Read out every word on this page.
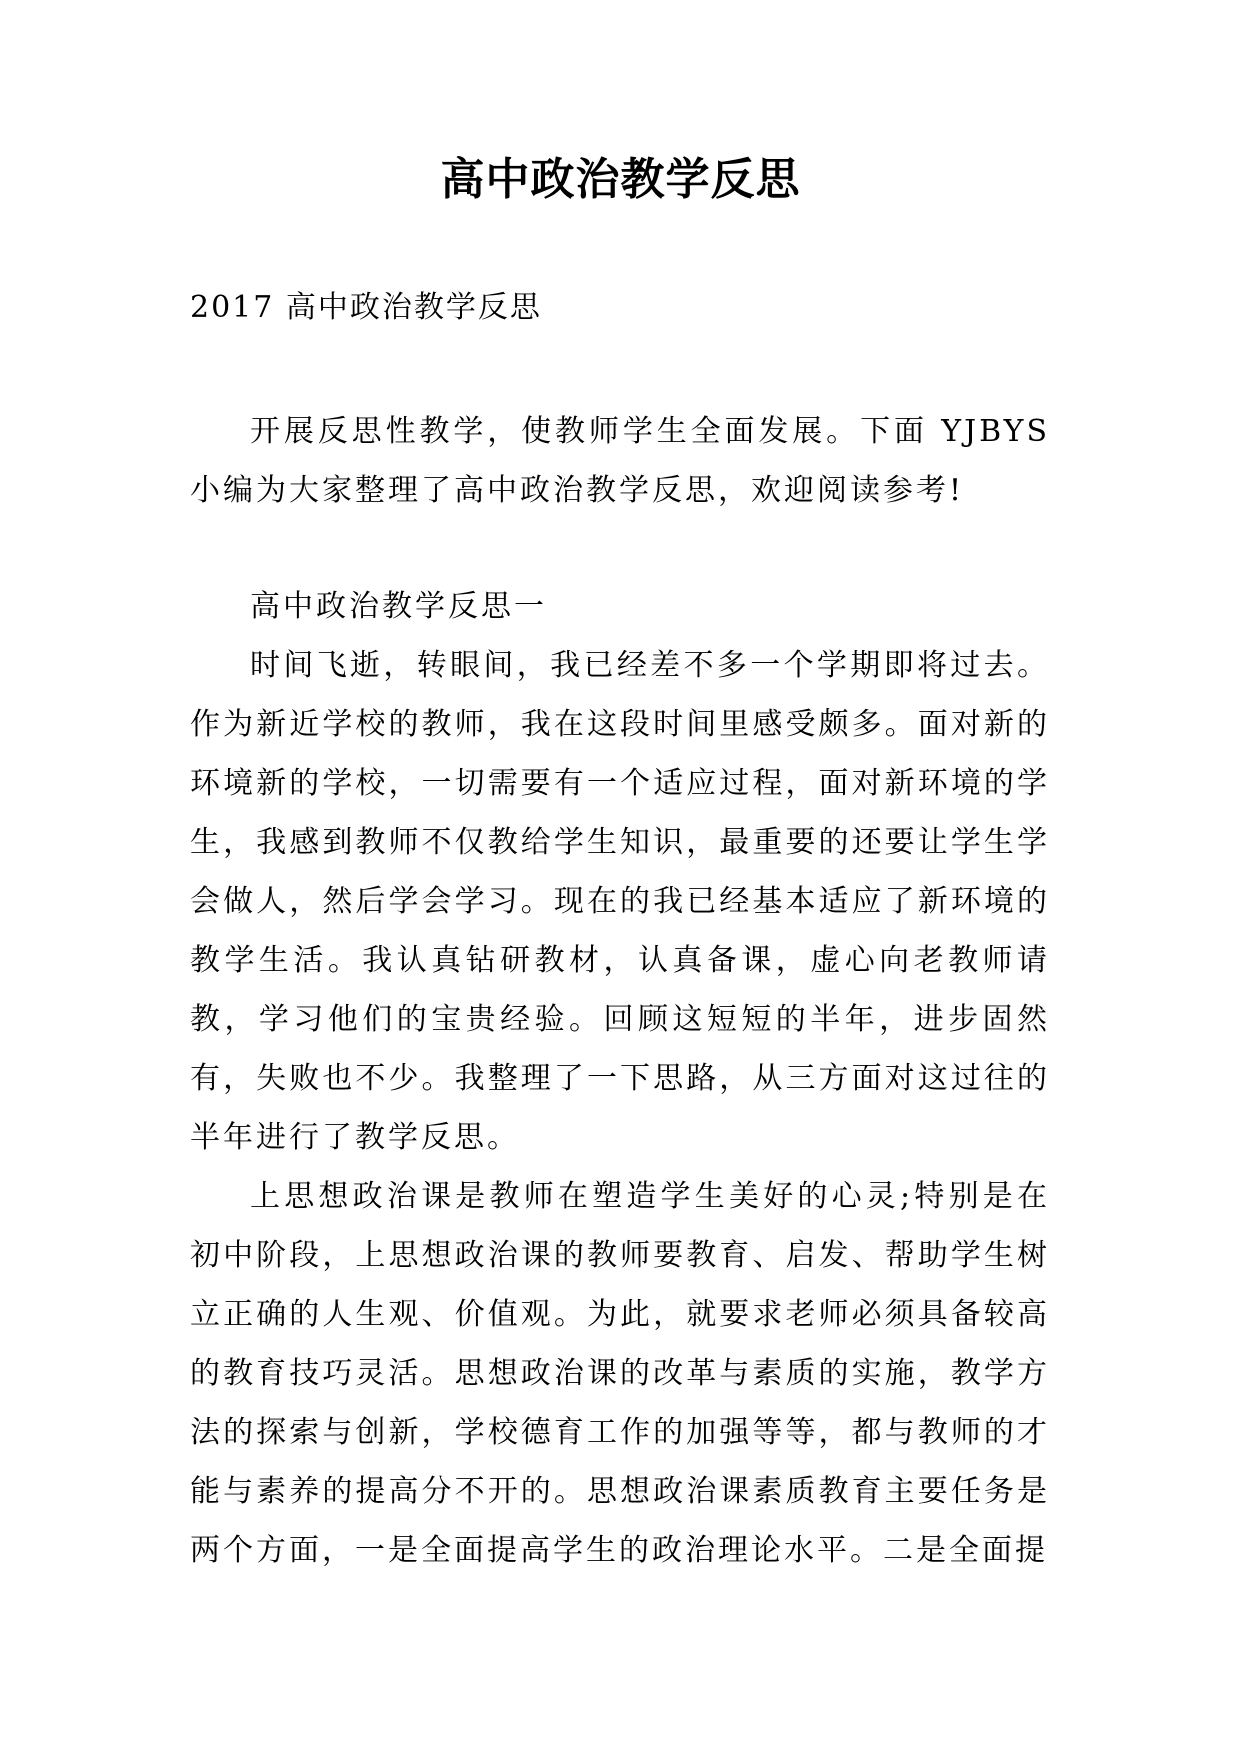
高中政治教学反思
2017 高中政治教学反思

开展反思性教学，使教师学生全面发展。下面 YJBYS 小编为大家整理了高中政治教学反思，欢迎阅读参考!

高中政治教学反思一

时间飞逝，转眼间，我已经差不多一个学期即将过去。作为新近学校的教师，我在这段时间里感受颇多。面对新的环境新的学校，一切需要有一个适应过程，面对新环境的学生，我感到教师不仅教给学生知识，最重要的还要让学生学会做人，然后学会学习。现在的我已经基本适应了新环境的教学生活。我认真钻研教材，认真备课，虚心向老教师请教，学习他们的宝贵经验。回顾这短短的半年，进步固然有，失败也不少。我整理了一下思路，从三方面对这过往的半年进行了教学反思。

上思想政治课是教师在塑造学生美好的心灵;特别是在初中阶段，上思想政治课的教师要教育、启发、帮助学生树立正确的人生观、价值观。为此，就要求老师必须具备较高的教育技巧灵活。思想政治课的改革与素质的实施，教学方法的探索与创新，学校德育工作的加强等等，都与教师的才能与素养的提高分不开的。思想政治课素质教育主要任务是两个方面，一是全面提高学生的政治理论水平。二是全面提
